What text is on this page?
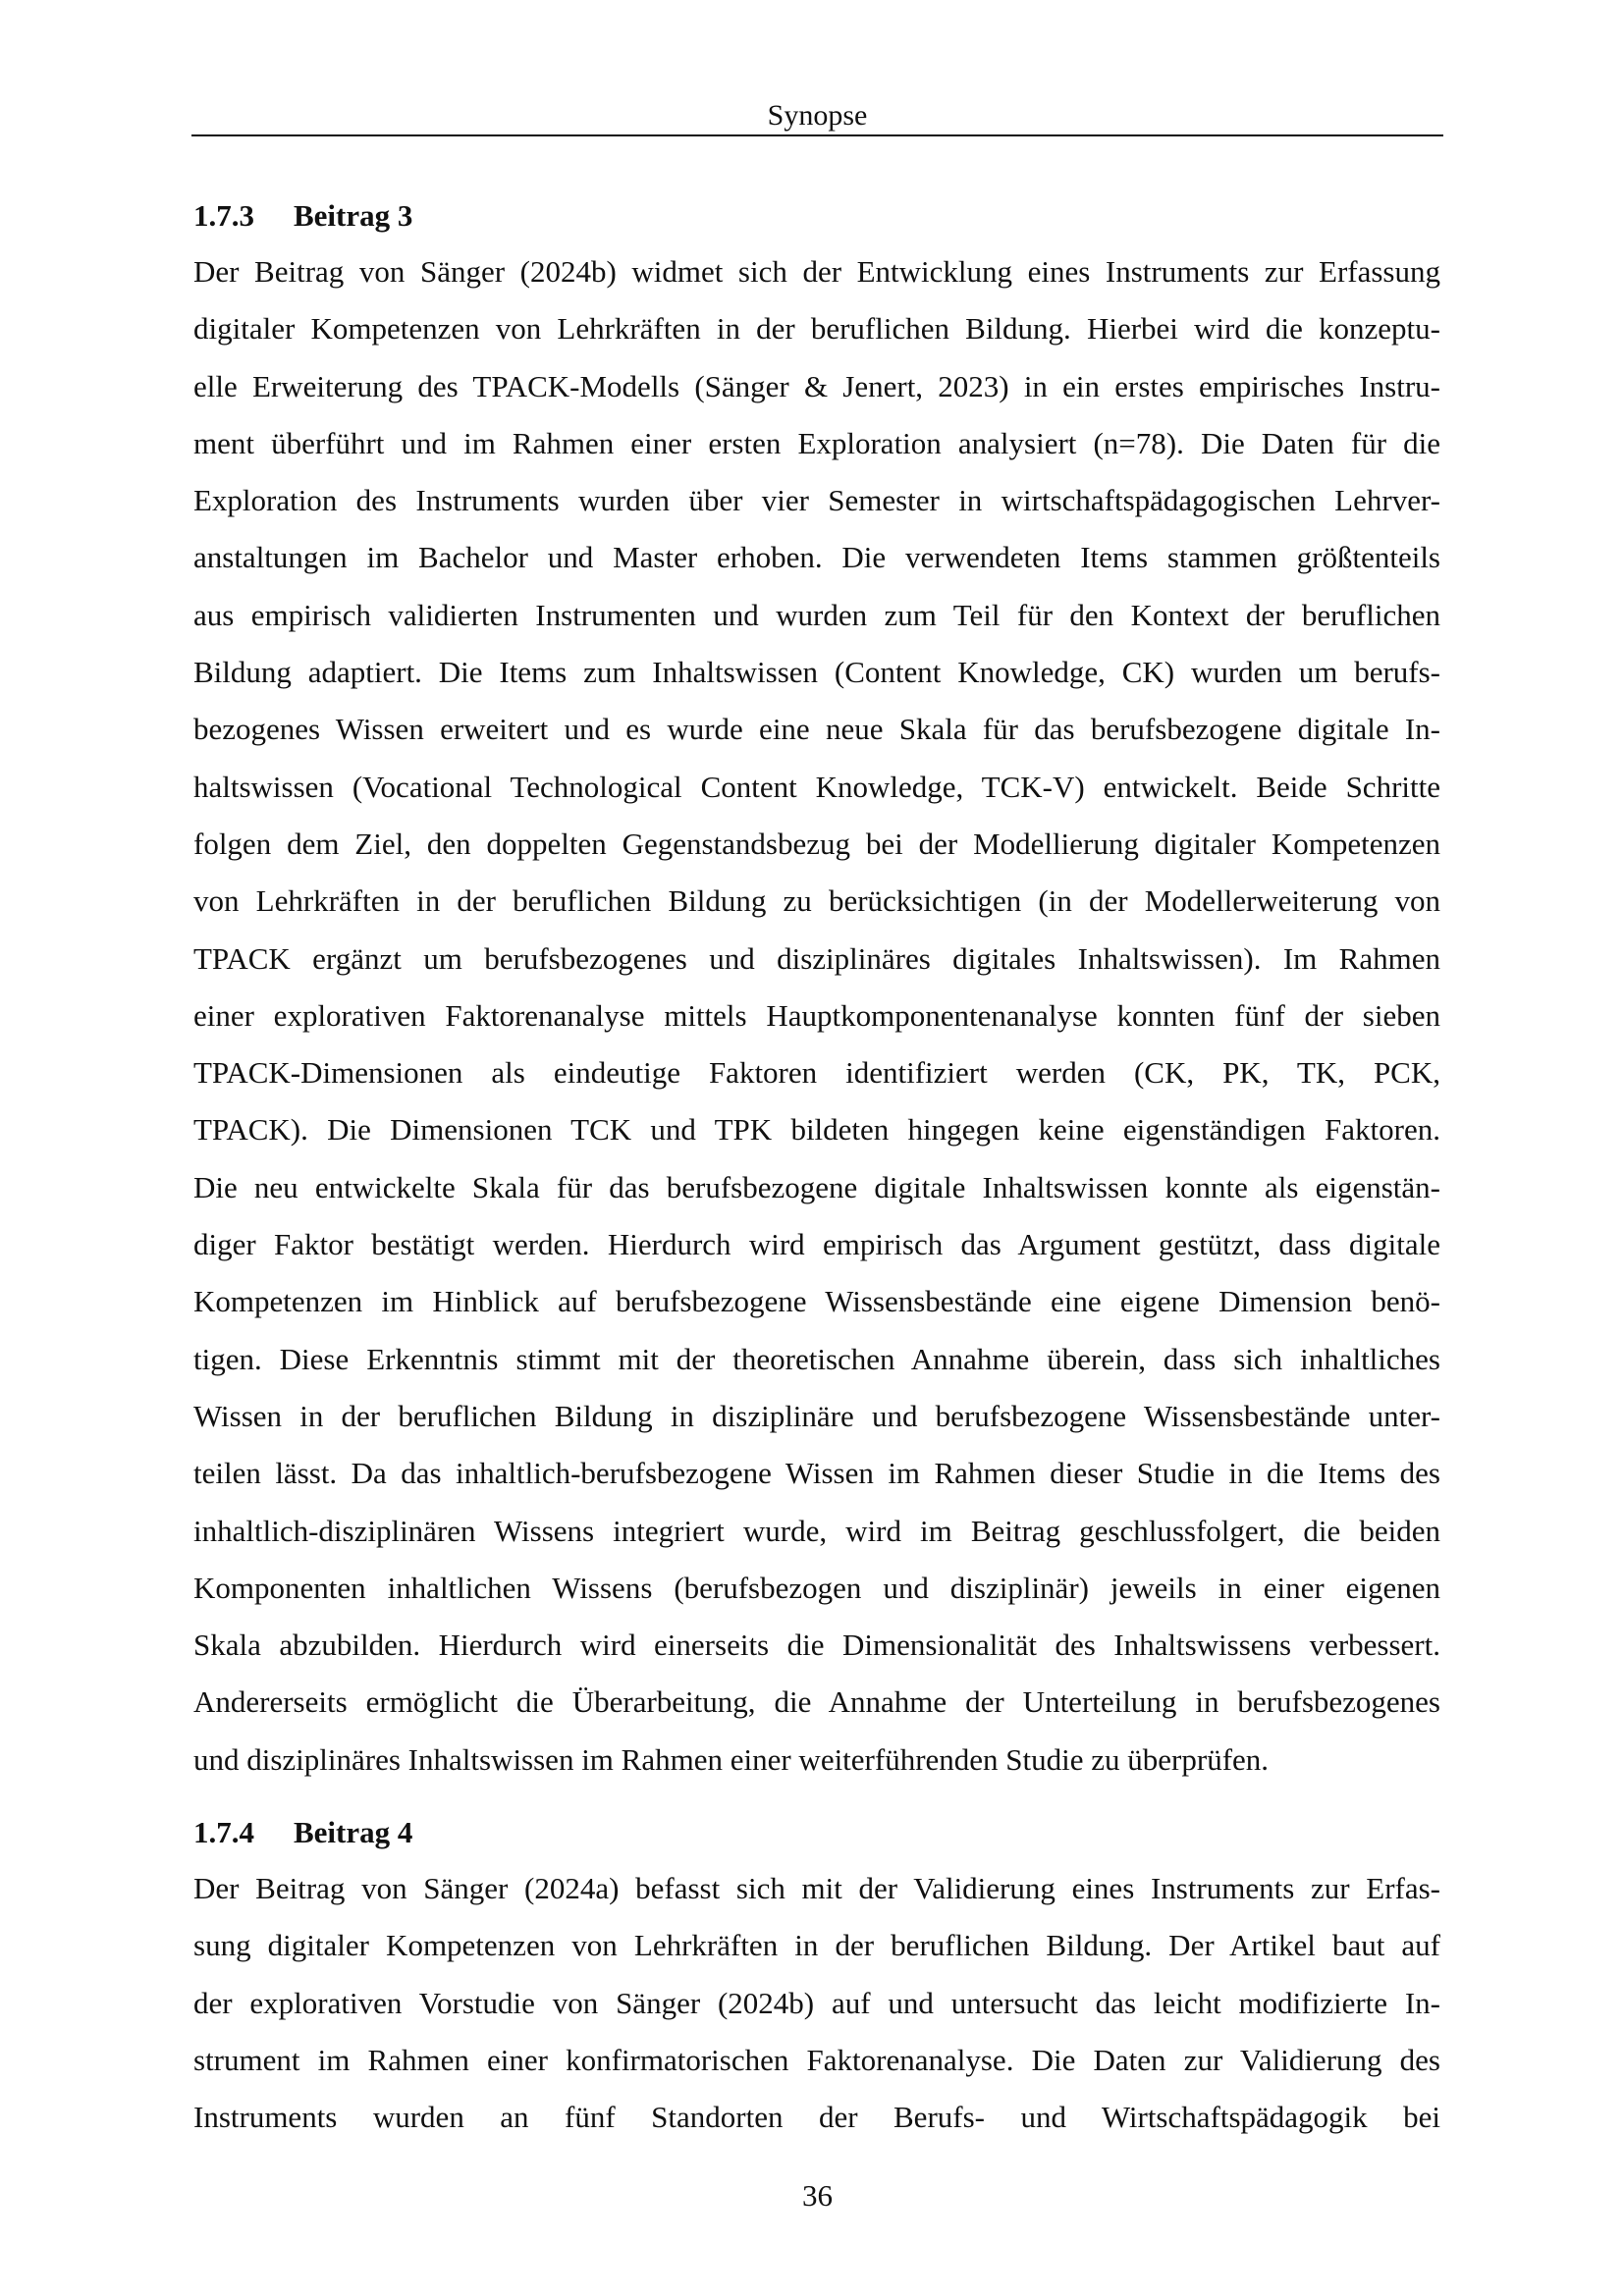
Synopse
1.7.3 Beitrag 3

Der Beitrag von Sänger (2024b) widmet sich der Entwicklung eines Instruments zur Erfassung
digitaler Kompetenzen von Lehrkräften in der beruflichen Bildung. Hierbei wird die konzeptu-
elle Erweiterung des TPACK-Modells (Sänger & Jenert, 2023) in ein erstes empirisches Instru-
ment überführt und im Rahmen einer ersten Exploration analysiert (n=78). Die Daten für die
Exploration des Instruments wurden über vier Semester in wirtschaftspädagogischen Lehrver-
anstaltungen im Bachelor und Master erhoben. Die verwendeten Items stammen größtenteils
aus empirisch validierten Instrumenten und wurden zum Teil für den Kontext der beruflichen
Bildung adaptiert. Die Items zum Inhaltswissen (Content Knowledge, CK) wurden um berufs-
bezogenes Wissen erweitert und es wurde eine neue Skala für das berufsbezogene digitale In-
haltswissen (Vocational Technological Content Knowledge, TCK-V) entwickelt. Beide Schritte
folgen dem Ziel, den doppelten Gegenstandsbezug bei der Modellierung digitaler Kompetenzen
von Lehrkräften in der beruflichen Bildung zu berücksichtigen (in der Modellerweiterung von
TPACK ergänzt um berufsbezogenes und disziplinäres digitales Inhaltswissen). Im Rahmen
einer explorativen Faktorenanalyse mittels Hauptkomponentenanalyse konnten fünf der sieben
TPACK-Dimensionen als eindeutige Faktoren identifiziert werden (CK, PK, TK, PCK,
TPACK). Die Dimensionen TCK und TPK bildeten hingegen keine eigenständigen Faktoren.
Die neu entwickelte Skala für das berufsbezogene digitale Inhaltswissen konnte als eigenstän-
diger Faktor bestätigt werden. Hierdurch wird empirisch das Argument gestützt, dass digitale
Kompetenzen im Hinblick auf berufsbezogene Wissensbestände eine eigene Dimension benö-
tigen. Diese Erkenntnis stimmt mit der theoretischen Annahme überein, dass sich inhaltliches
Wissen in der beruflichen Bildung in disziplinäre und berufsbezogene Wissensbestände unter-
teilen lässt. Da das inhaltlich-berufsbezogene Wissen im Rahmen dieser Studie in die Items des
inhaltlich-disziplinären Wissens integriert wurde, wird im Beitrag geschlussfolgert, die beiden
Komponenten inhaltlichen Wissens (berufsbezogen und disziplinär) jeweils in einer eigenen
Skala abzubilden. Hierdurch wird einerseits die Dimensionalität des Inhaltswissens verbessert.
Andererseits ermöglicht die Überarbeitung, die Annahme der Unterteilung in berufsbezogenes
und disziplinäres Inhaltswissen im Rahmen einer weiterführenden Studie zu überprüfen.

1.7.4 Beitrag 4

Der Beitrag von Sänger (2024a) befasst sich mit der Validierung eines Instruments zur Erfas-
sung digitaler Kompetenzen von Lehrkräften in der beruflichen Bildung. Der Artikel baut auf
der explorativen Vorstudie von Sänger (2024b) auf und untersucht das leicht modifizierte In-
strument im Rahmen einer konfirmatorischen Faktorenanalyse. Die Daten zur Validierung des
Instruments wurden an fünf Standorten der Berufs- und Wirtschaftspädagogik bei

36
